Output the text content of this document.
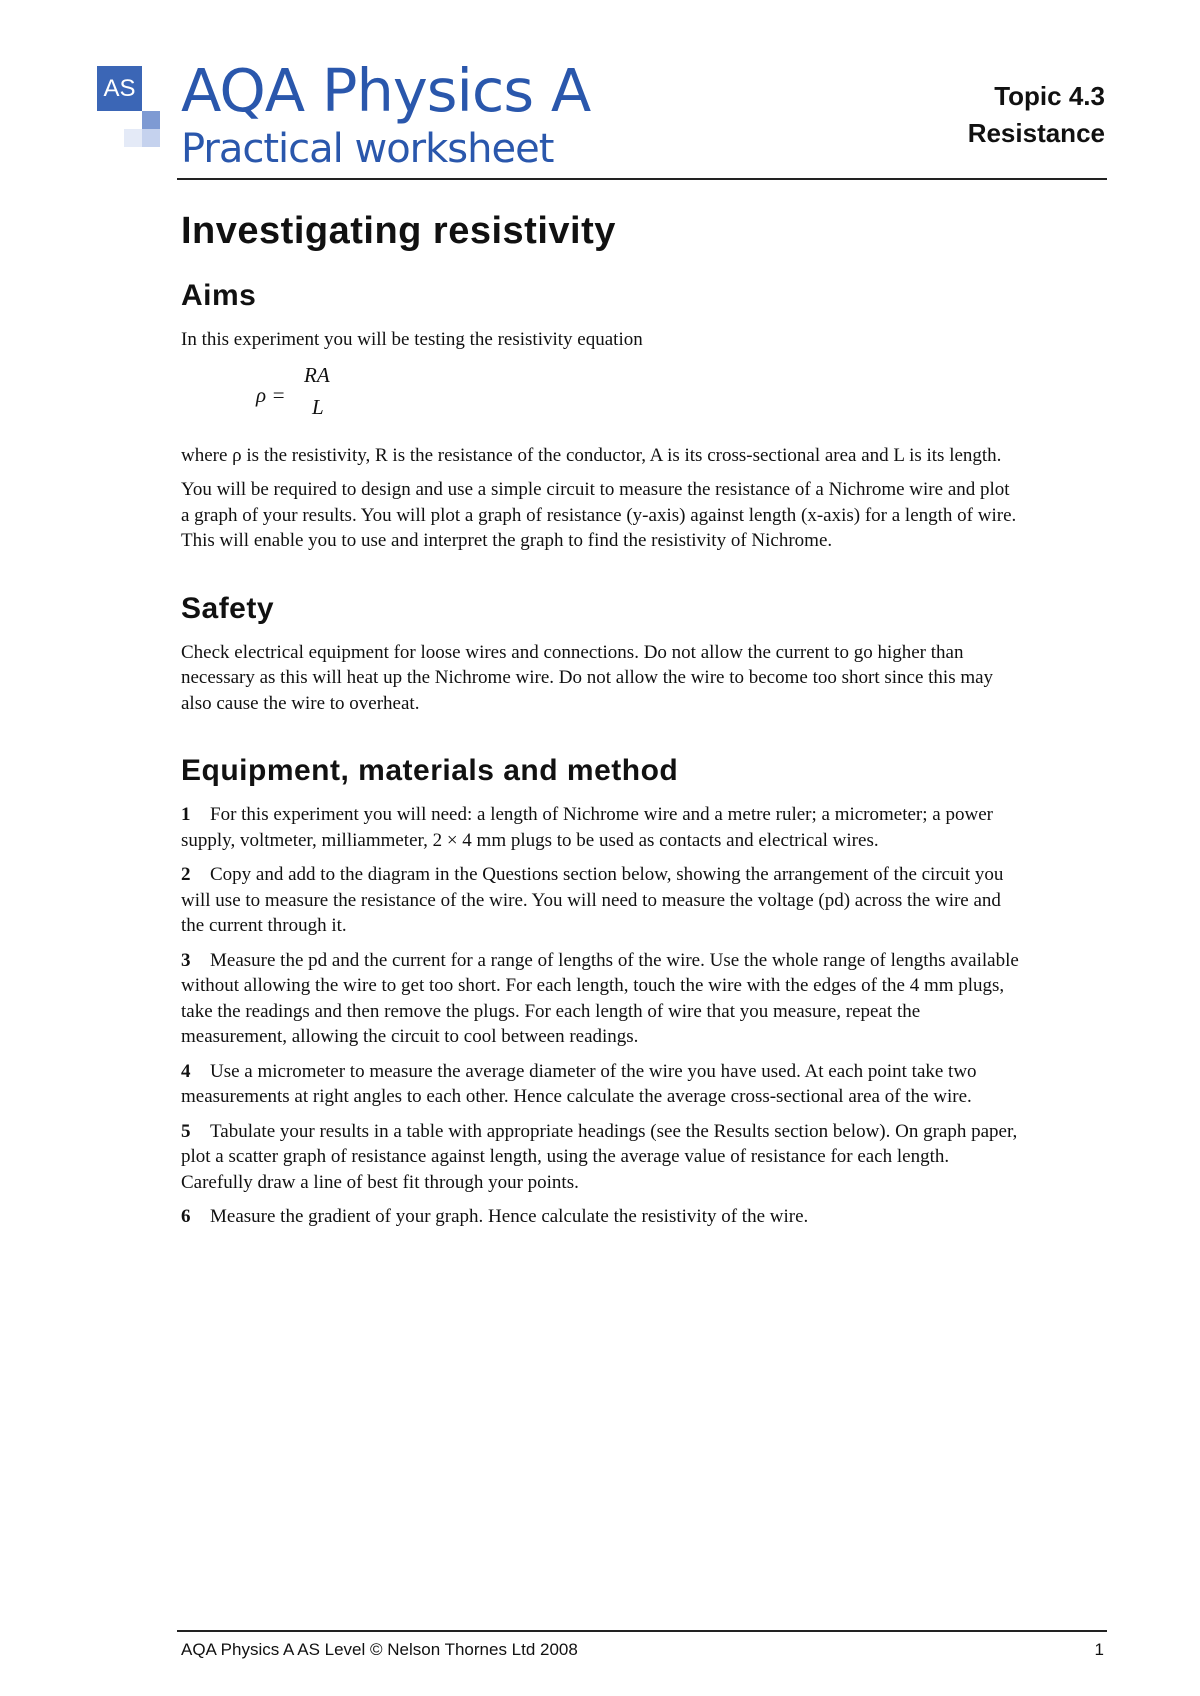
AS AQA Physics A
Practical worksheet
Topic 4.3
Resistance
Investigating resistivity
Aims

In this experiment you will be testing the resistivity equation

ρ =
RA
L

where ρ is the resistivity, R is the resistance of the conductor, A is its cross-sectional area and L is its length.

You will be required to design and use a simple circuit to measure the resistance of a Nichrome wire and plot a graph of your results. You will plot a graph of resistance (y-axis) against length (x-axis) for a length of wire. This will enable you to use and interpret the graph to find the resistivity of Nichrome.

Safety

Check electrical equipment for loose wires and connections. Do not allow the current to go higher than necessary as this will heat up the Nichrome wire. Do not allow the wire to become too short since this may also cause the wire to overheat.

Equipment, materials and method
1 For this experiment you will need: a length of Nichrome wire and a metre ruler; a micrometer; a power supply, voltmeter, milliammeter, 2 × 4 mm plugs to be used as contacts and electrical wires.
2 Copy and add to the diagram in the Questions section below, showing the arrangement of the circuit you will use to measure the resistance of the wire. You will need to measure the voltage (pd) across the wire and the current through it.
3 Measure the pd and the current for a range of lengths of the wire. Use the whole range of lengths available without allowing the wire to get too short. For each length, touch the wire with the edges of the 4 mm plugs, take the readings and then remove the plugs. For each length of wire that you measure, repeat the measurement, allowing the circuit to cool between readings.
4 Use a micrometer to measure the average diameter of the wire you have used. At each point take two measurements at right angles to each other. Hence calculate the average cross-sectional area of the wire.
5 Tabulate your results in a table with appropriate headings (see the Results section below). On graph paper, plot a scatter graph of resistance against length, using the average value of resistance for each length. Carefully draw a line of best fit through your points.
6 Measure the gradient of your graph. Hence calculate the resistivity of the wire.
AQA Physics A AS Level © Nelson Thornes Ltd 2008	1
